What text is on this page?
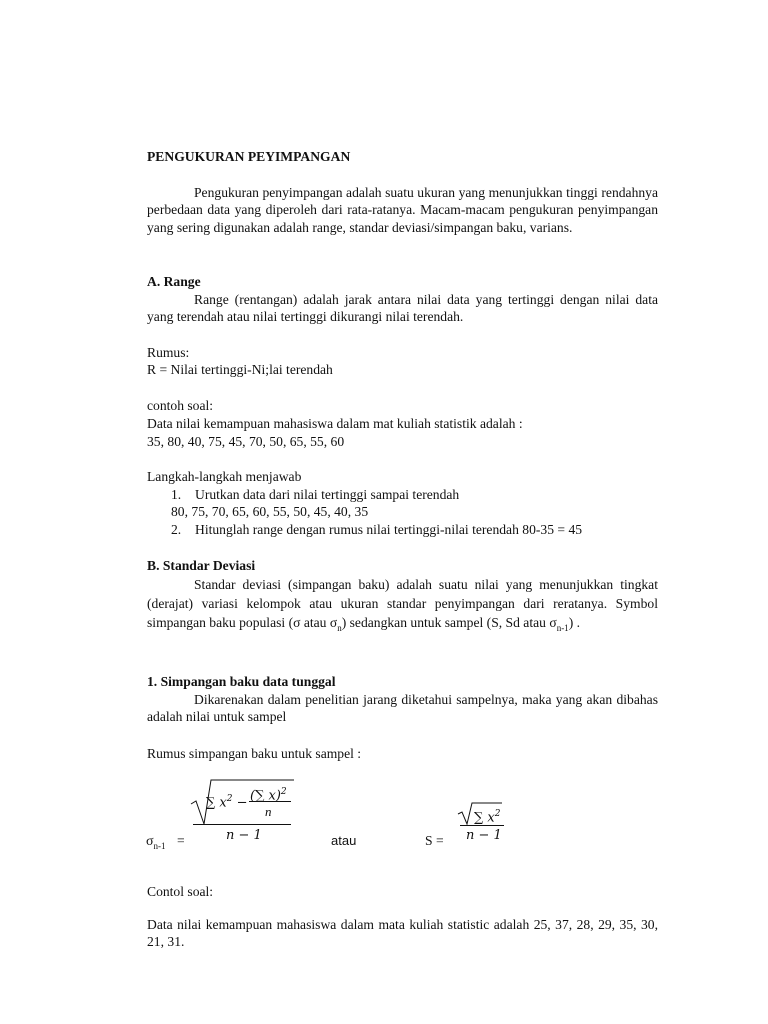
PENGUKURAN PEYIMPANGAN

Pengukuran penyimpangan adalah suatu ukuran yang menunjukkan tinggi rendahnya perbedaan data yang diperoleh dari rata-ratanya. Macam-macam pengukuran penyimpangan yang sering digunakan adalah range, standar deviasi/simpangan baku, varians.

A. Range

Range (rentangan) adalah jarak antara nilai data yang tertinggi dengan nilai data yang terendah atau nilai tertinggi dikurangi nilai terendah.

Rumus:
R = Nilai tertinggi-Ni;lai terendah
contoh soal:
Data nilai kemampuan mahasiswa dalam mat kuliah statistik adalah :
35, 80, 40, 75, 45, 70, 50, 65, 55, 60
Langkah-langkah menjawab
1.	Urutkan data dari nilai tertinggi sampai terendah
80, 75, 70, 65, 60, 55, 50, 45, 40, 35
2.	Hitunglah range dengan rumus nilai tertinggi-nilai terendah 80-35 = 45
B. Standar Deviasi

Standar deviasi (simpangan baku) adalah suatu nilai yang menunjukkan tingkat (derajat) variasi kelompok atau ukuran standar penyimpangan dari reratanya. Symbol simpangan baku populasi (σ atau $\sigma_n$) sedangkan untuk sampel (S, Sd atau $\sigma_{n-1}$) .

1. Simpangan baku data tunggal

Dikarenakan dalam penelitian jarang diketahui sampelnya, maka yang akan dibahas adalah nilai untuk sampel

Rumus simpangan baku untuk sampel :
$\sigma_{n-1}$ =
∑ $x^2$ − (∑ x)$^2$
n
n − 1	atau	S =
∑ $x^2$
n − 1
Contol soal:

Data nilai kemampuan mahasiswa dalam mata kuliah statistic adalah 25, 37, 28, 29, 35, 30, 21, 31.
